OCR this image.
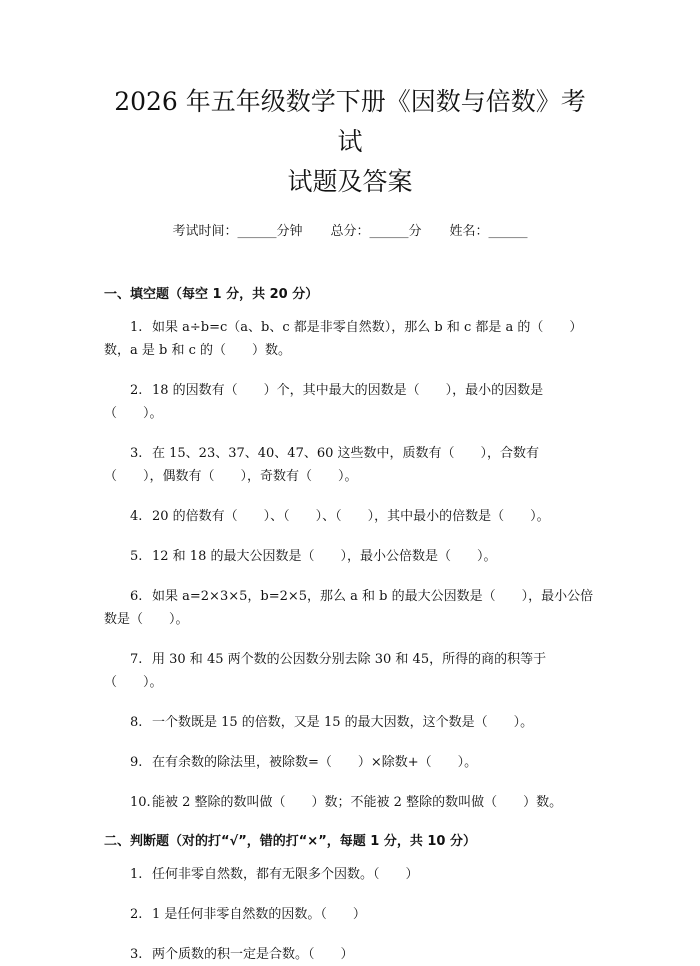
2026 年五年级数学下册《因数与倍数》考试
试题及答案
考试时间：______分钟 总分：______分 姓名：______
一、填空题（每空 1 分，共 20 分）
1. 如果 a÷b=c（a、b、c 都是非零自然数），那么 b 和 c 都是 a 的（　　）数，a 是 b 和 c 的（　　）数。
2. 18 的因数有（　　）个，其中最大的因数是（　　），最小的因数是（　　）。
3. 在 15、23、37、40、47、60 这些数中，质数有（　　），合数有（　　），偶数有（　　），奇数有（　　）。
4. 20 的倍数有（　　）、（　　）、（　　），其中最小的倍数是（　　）。
5. 12 和 18 的最大公因数是（　　），最小公倍数是（　　）。
6. 如果 a=2×3×5，b=2×5，那么 a 和 b 的最大公因数是（　　），最小公倍数是（　　）。
7. 用 30 和 45 两个数的公因数分别去除 30 和 45，所得的商的积等于（　　）。
8. 一个数既是 15 的倍数，又是 15 的最大因数，这个数是（　　）。
9. 在有余数的除法里，被除数=（　　）×除数+（　　）。
10.能被 2 整除的数叫做（　　）数；不能被 2 整除的数叫做（　　）数。
二、判断题（对的打“√”，错的打“×”，每题 1 分，共 10 分）
1. 任何非零自然数，都有无限多个因数。（　　）
2. 1 是任何非零自然数的因数。（　　）
3. 两个质数的积一定是合数。（　　）
